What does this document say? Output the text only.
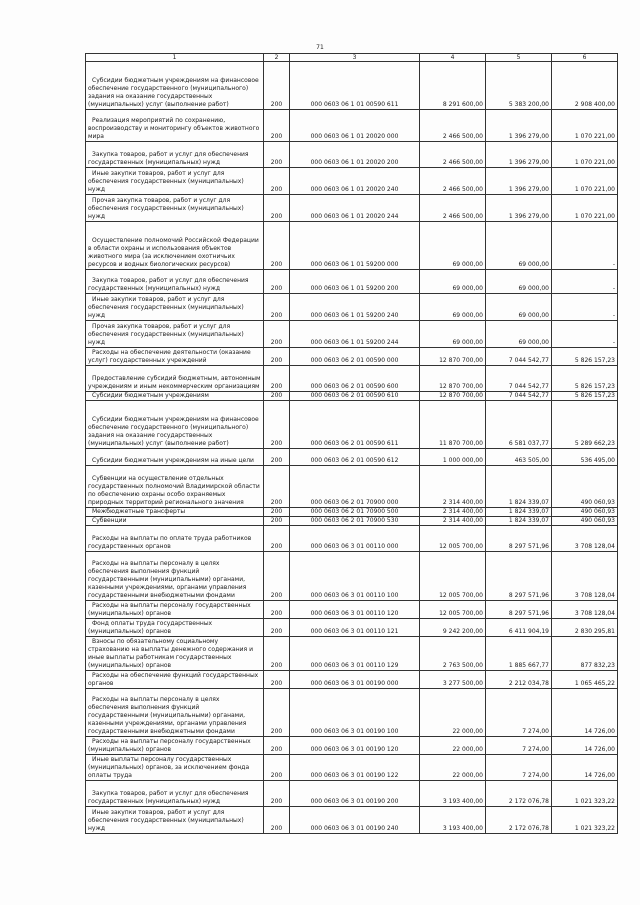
71
1	2	3	4	5	6
Субсидии бюджетным учреждениям на финансовое обеспечение государственного (муниципального) задания на оказание государственных (муниципальных) услуг (выполнение работ)	200	000 0603 06 1 01 00590 611	8 291 600,00	5 383 200,00	2 908 400,00
Реализация мероприятий по сохранению, воспроизводству и мониторингу объектов животного мира	200	000 0603 06 1 01 20020 000	2 466 500,00	1 396 279,00	1 070 221,00
Закупка товаров, работ и услуг для обеспечения государственных (муниципальных) нужд	200	000 0603 06 1 01 20020 200	2 466 500,00	1 396 279,00	1 070 221,00
Иные закупки товаров, работ и услуг для обеспечения государственных (муниципальных) нужд	200	000 0603 06 1 01 20020 240	2 466 500,00	1 396 279,00	1 070 221,00
Прочая закупка товаров, работ и услуг для обеспечения государственных (муниципальных) нужд	200	000 0603 06 1 01 20020 244	2 466 500,00	1 396 279,00	1 070 221,00
Осуществление полномочий Российской Федерации в области охраны и использования объектов животного мира (за исключением охотничьих ресурсов и водных биологических ресурсов)	200	000 0603 06 1 01 59200 000	69 000,00	69 000,00	-
Закупка товаров, работ и услуг для обеспечения государственных (муниципальных) нужд	200	000 0603 06 1 01 59200 200	69 000,00	69 000,00	-
Иные закупки товаров, работ и услуг для обеспечения государственных (муниципальных) нужд	200	000 0603 06 1 01 59200 240	69 000,00	69 000,00	-
Прочая закупка товаров, работ и услуг для обеспечения государственных (муниципальных) нужд	200	000 0603 06 1 01 59200 244	69 000,00	69 000,00	-
Расходы на обеспечение деятельности (оказание услуг) государственных учреждений	200	000 0603 06 2 01 00590 000	12 870 700,00	7 044 542,77	5 826 157,23
Предоставление субсидий бюджетным, автономным учреждениям и иным некоммерческим организациям	200	000 0603 06 2 01 00590 600	12 870 700,00	7 044 542,77	5 826 157,23
Субсидии бюджетным учреждениям	200	000 0603 06 2 01 00590 610	12 870 700,00	7 044 542,77	5 826 157,23
Субсидии бюджетным учреждениям на финансовое обеспечение государственного (муниципального) задания на оказание государственных (муниципальных) услуг (выполнение работ)	200	000 0603 06 2 01 00590 611	11 870 700,00	6 581 037,77	5 289 662,23
Субсидии бюджетным учреждениям на иные цели	200	000 0603 06 2 01 00590 612	1 000 000,00	463 505,00	536 495,00
Субвенции на осуществление отдельных государственных полномочий Владимирской области по обеспечению охраны особо охраняемых природных территорий регионального значения	200	000 0603 06 2 01 70900 000	2 314 400,00	1 824 339,07	490 060,93
Межбюджетные трансферты	200	000 0603 06 2 01 70900 500	2 314 400,00	1 824 339,07	490 060,93
Субвенции	200	000 0603 06 2 01 70900 530	2 314 400,00	1 824 339,07	490 060,93
Расходы на выплаты по оплате труда работников государственных органов	200	000 0603 06 3 01 00110 000	12 005 700,00	8 297 571,96	3 708 128,04
Расходы на выплаты персоналу в целях обеспечения выполнения функций государственными (муниципальными) органами, казенными учреждениями, органами управления государственными внебюджетными фондами	200	000 0603 06 3 01 00110 100	12 005 700,00	8 297 571,96	3 708 128,04
Расходы на выплаты персоналу государственных (муниципальных) органов	200	000 0603 06 3 01 00110 120	12 005 700,00	8 297 571,96	3 708 128,04
Фонд оплаты труда государственных (муниципальных) органов	200	000 0603 06 3 01 00110 121	9 242 200,00	6 411 904,19	2 830 295,81
Взносы по обязательному социальному страхованию на выплаты денежного содержания и иные выплаты работникам государственных (муниципальных) органов	200	000 0603 06 3 01 00110 129	2 763 500,00	1 885 667,77	877 832,23
Расходы на обеспечение функций государственных органов	200	000 0603 06 3 01 00190 000	3 277 500,00	2 212 034,78	1 065 465,22
Расходы на выплаты персоналу в целях обеспечения выполнения функций государственными (муниципальными) органами, казенными учреждениями, органами управления государственными внебюджетными фондами	200	000 0603 06 3 01 00190 100	22 000,00	7 274,00	14 726,00
Расходы на выплаты персоналу государственных (муниципальных) органов	200	000 0603 06 3 01 00190 120	22 000,00	7 274,00	14 726,00
Иные выплаты персоналу государственных (муниципальных) органов, за исключением фонда оплаты труда	200	000 0603 06 3 01 00190 122	22 000,00	7 274,00	14 726,00
Закупка товаров, работ и услуг для обеспечения государственных (муниципальных) нужд	200	000 0603 06 3 01 00190 200	3 193 400,00	2 172 076,78	1 021 323,22
Иные закупки товаров, работ и услуг для обеспечения государственных (муниципальных) нужд	200	000 0603 06 3 01 00190 240	3 193 400,00	2 172 076,78	1 021 323,22
